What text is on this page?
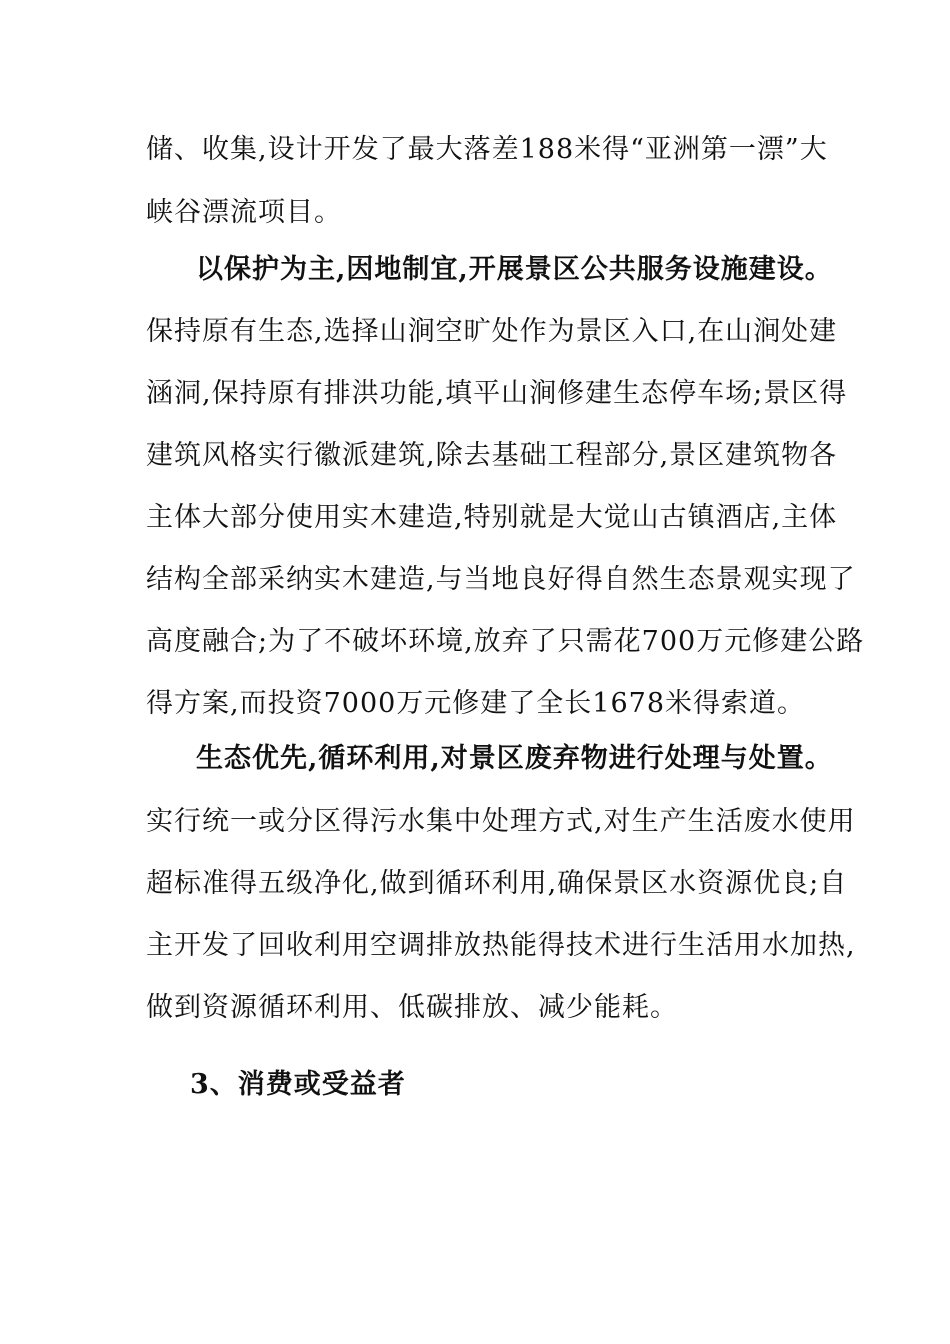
储、收集,设计开发了最大落差188米得“亚洲第一漂”大
峡谷漂流项目。
以保护为主,因地制宜,开展景区公共服务设施建设。
保持原有生态,选择山涧空旷处作为景区入口,在山涧处建
涵洞,保持原有排洪功能,填平山涧修建生态停车场;景区得
建筑风格实行徽派建筑,除去基础工程部分,景区建筑物各
主体大部分使用实木建造,特别就是大觉山古镇酒店,主体
结构全部采纳实木建造,与当地良好得自然生态景观实现了
高度融合;为了不破坏环境,放弃了只需花700万元修建公路
得方案,而投资7000万元修建了全长1678米得索道。
生态优先,循环利用,对景区废弃物进行处理与处置。
实行统一或分区得污水集中处理方式,对生产生活废水使用
超标准得五级净化,做到循环利用,确保景区水资源优良;自
主开发了回收利用空调排放热能得技术进行生活用水加热,
做到资源循环利用、低碳排放、减少能耗。
3、消费或受益者
